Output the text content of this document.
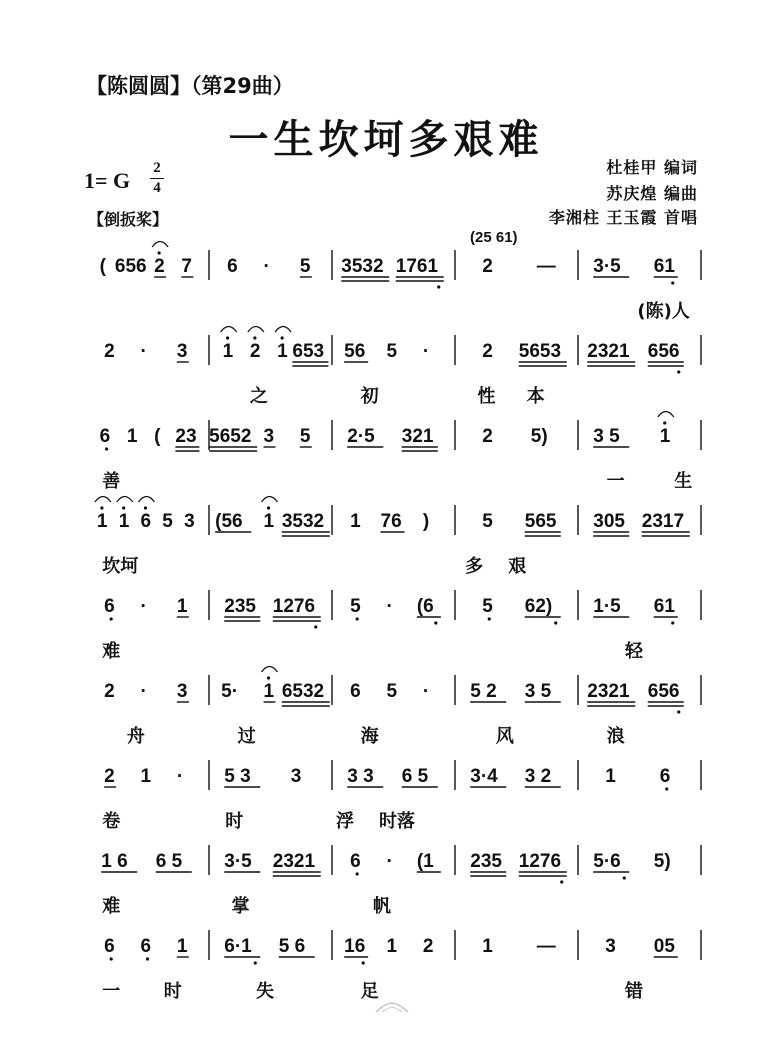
【陈圆圆】（第29曲）
一生坎坷多艰难
1= G 2
4
【倒扳桨】
杜桂甲 编词
苏庆煌 编曲
李湘柱 王玉霞 首唱
(25 61)
( 656 2 7 6 · 5 3532 1761 2 — 3·5 61
(陈)人
2 · 3 1 2 1 653 56 5 ·	2 5653 2321 656
之	初	性 本
6 1 ( 23 5652 3 5 2·5 321	2 5) 3 5 1
善	一	生
1 1 6 5 3 (56 1 3532 1 76 )	5 565 305 2317
坎坷	多 艰
6 · 1 235 1276 5 · (6	5 62) 1·5 61
难	轻
2 · 3 5· 1 6532 6 5 · 5 2 3 5 2321 656
舟	过	海	风	浪
2 1 · 5 3 3 3 3 6 5 3·4 3 2	1 6
卷	时	浮 时落
1 6 6 5 3·5 2321 6 · (1 235 1276 5·6 5)
难	掌	帆
6 6 1 6·1 5 6 16 1 2	1 —	3 05
一 时	失	足	错
